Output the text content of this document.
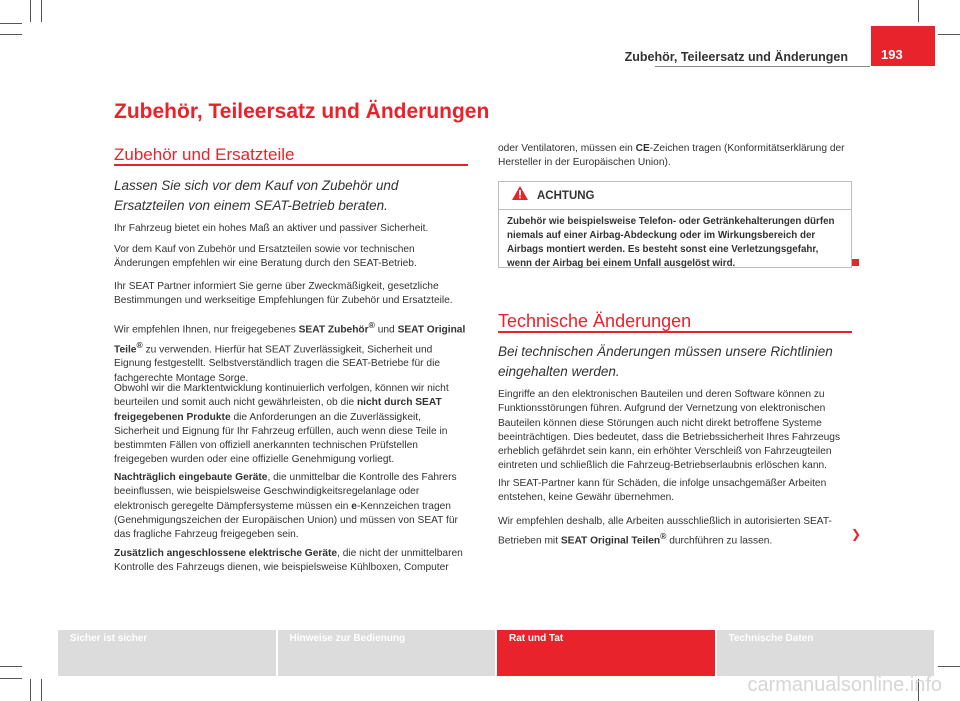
Zubehör, Teileersatz und Änderungen	193
Zubehör, Teileersatz und Änderungen
Zubehör und Ersatzteile
Lassen Sie sich vor dem Kauf von Zubehör und Ersatzteilen von einem SEAT-Betrieb beraten.

Ihr Fahrzeug bietet ein hohes Maß an aktiver und passiver Sicherheit.

Vor dem Kauf von Zubehör und Ersatzteilen sowie vor technischen Änderungen empfehlen wir eine Beratung durch den SEAT-Betrieb.

Ihr SEAT Partner informiert Sie gerne über Zweckmäßigkeit, gesetzliche Bestimmungen und werkseitige Empfehlungen für Zubehör und Ersatzteile.

Wir empfehlen Ihnen, nur freigegebenes SEAT Zubehör® und SEAT Original Teile® zu verwenden. Hierfür hat SEAT Zuverlässigkeit, Sicherheit und Eignung festgestellt. Selbstverständlich tragen die SEAT-Betriebe für die fachgerechte Montage Sorge.

Obwohl wir die Marktentwicklung kontinuierlich verfolgen, können wir nicht beurteilen und somit auch nicht gewährleisten, ob die nicht durch SEAT freigegebenen Produkte die Anforderungen an die Zuverlässigkeit, Sicherheit und Eignung für Ihr Fahrzeug erfüllen, auch wenn diese Teile in bestimmten Fällen von offiziell anerkannten technischen Prüfstellen freigegeben wurden oder eine offizielle Genehmigung vorliegt.

Nachträglich eingebaute Geräte, die unmittelbar die Kontrolle des Fahrers beeinflussen, wie beispielsweise Geschwindigkeitsregelanlage oder elektronisch geregelte Dämpfersysteme müssen ein e-Kennzeichen tragen (Genehmigungszeichen der Europäischen Union) und müssen von SEAT für das fragliche Fahrzeug freigegeben sein.

Zusätzlich angeschlossene elektrische Geräte, die nicht der unmittelbaren Kontrolle des Fahrzeugs dienen, wie beispielsweise Kühlboxen, Computer

oder Ventilatoren, müssen ein CE-Zeichen tragen (Konformitätserklärung der Hersteller in der Europäischen Union).

ACHTUNG
Zubehör wie beispielsweise Telefon- oder Getränkehalterungen dürfen niemals auf einer Airbag-Abdeckung oder im Wirkungsbereich der Airbags montiert werden. Es besteht sonst eine Verletzungsgefahr, wenn der Airbag bei einem Unfall ausgelöst wird.
Technische Änderungen
Bei technischen Änderungen müssen unsere Richtlinien eingehalten werden.

Eingriffe an den elektronischen Bauteilen und deren Software können zu Funktionsstörungen führen. Aufgrund der Vernetzung von elektronischen Bauteilen können diese Störungen auch nicht direkt betroffene Systeme beeinträchtigen. Dies bedeutet, dass die Betriebssicherheit Ihres Fahrzeugs erheblich gefährdet sein kann, ein erhöhter Verschleiß von Fahrzeugteilen eintreten und schließlich die Fahrzeug-Betriebserlaubnis erlöschen kann.

Ihr SEAT-Partner kann für Schäden, die infolge unsachgemäßer Arbeiten entstehen, keine Gewähr übernehmen.

Wir empfehlen deshalb, alle Arbeiten ausschließlich in autorisierten SEAT-Betrieben mit SEAT Original Teilen® durchführen zu lassen.

❯
Sicher ist sicher	Hinweise zur Bedienung	Rat und Tat	Technische Daten
carmanualsonline.info
